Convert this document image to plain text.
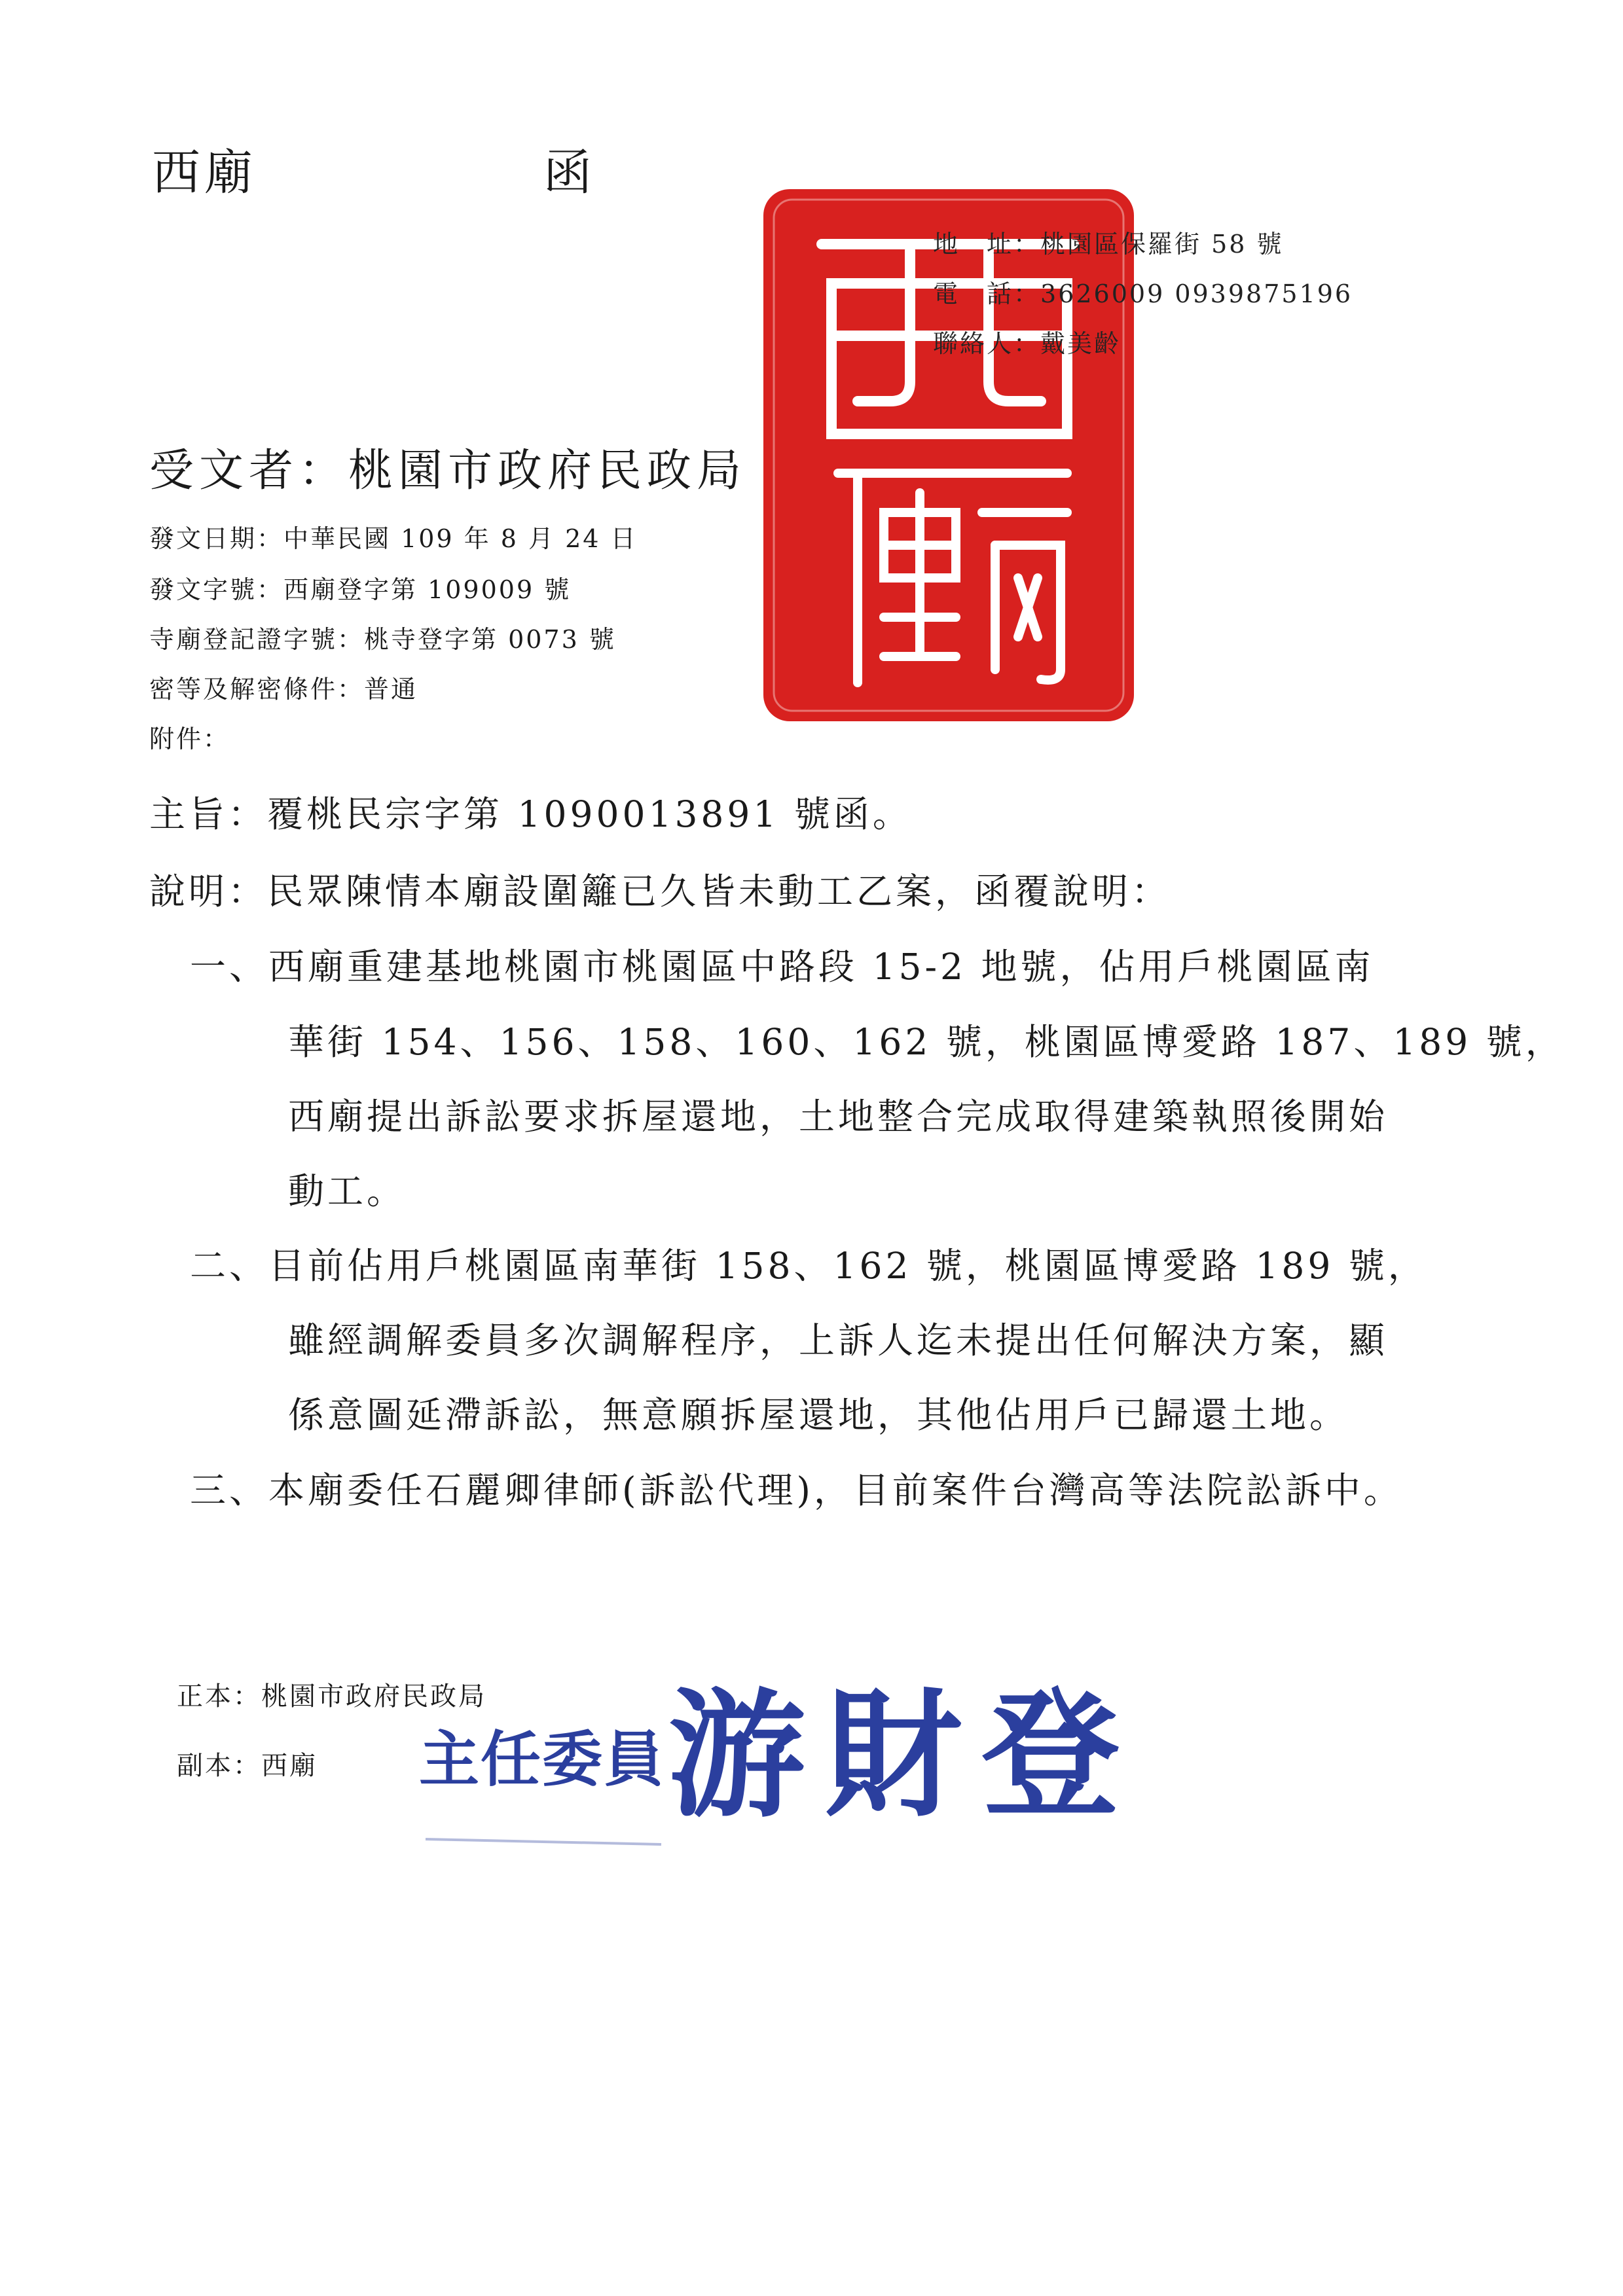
西廟	函
地　址：桃園區保羅街 58 號
電　話：3626009 0939875196
聯絡人：戴美齡
受文者：桃園市政府民政局
發文日期：中華民國 109 年 8 月 24 日
發文字號：西廟登字第 109009 號
寺廟登記證字號：桃寺登字第 0073 號
密等及解密條件：普通
附件：
主旨：覆桃民宗字第 1090013891 號函。
說明：民眾陳情本廟設圍籬已久皆未動工乙案，函覆說明：
一、西廟重建基地桃園市桃園區中路段 15-2 地號，佔用戶桃園區南
華街 154、156、158、160、162 號，桃園區博愛路 187、189 號，
西廟提出訴訟要求拆屋還地，土地整合完成取得建築執照後開始
動工。
二、目前佔用戶桃園區南華街 158、162 號，桃園區博愛路 189 號，
雖經調解委員多次調解程序，上訴人迄未提出任何解決方案，顯
係意圖延滯訴訟，無意願拆屋還地，其他佔用戶已歸還土地。
三、本廟委任石麗卿律師(訴訟代理)，目前案件台灣高等法院訟訴中。
正本：桃園市政府民政局
副本：西廟 主任委員 游財登
